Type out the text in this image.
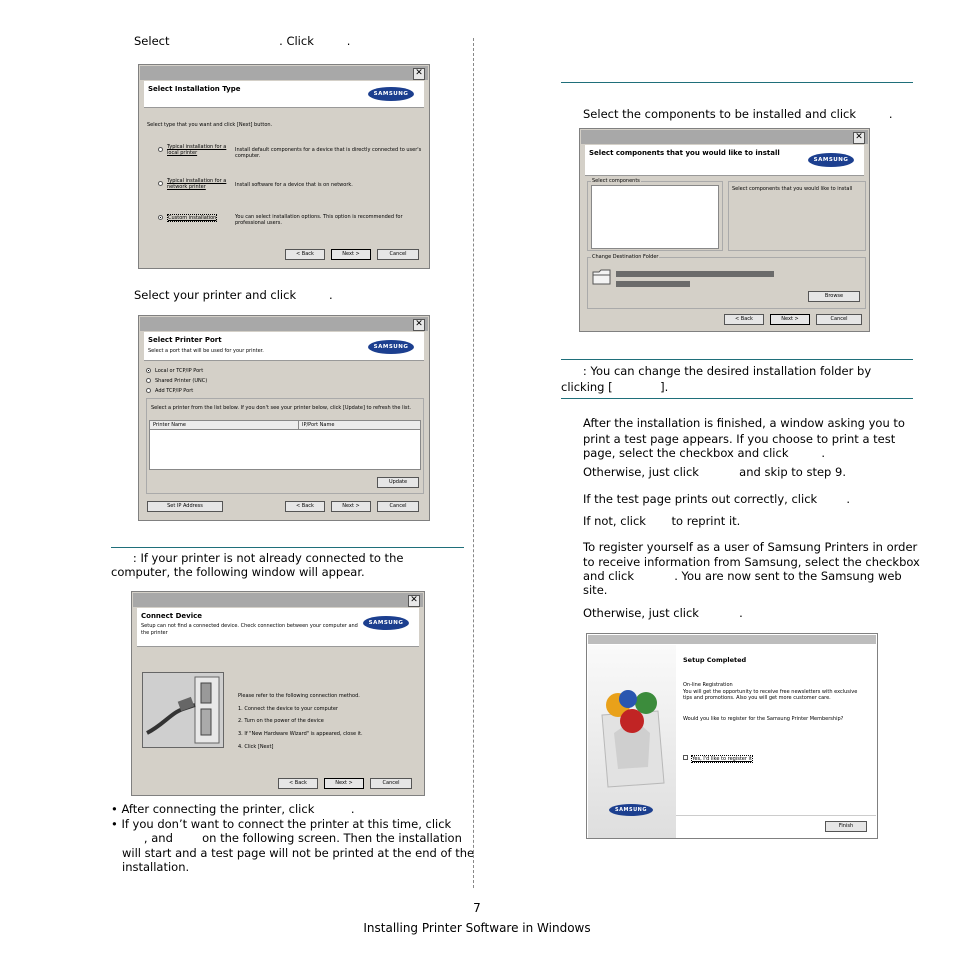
Select                              . Click         .
✕
Select Installation Type
SAMSUNG
Select type that you want and click [Next] button.
Typical installation for a local printer	Install default components for a device that is directly connected to user's computer.
Typical installation for a network printer	Install software for a device that is on network.
Custom installation	You can select installation options. This option is recommended for professional users.
< Back	Next >	Cancel
Select your printer and click         .
✕
Select Printer Port
Select a port that will be used for your printer.
SAMSUNG
Local or TCP/IP Port
Shared Printer (UNC)
Add TCP/IP Port
Select a printer from the list below. If you don't see your printer below, click [Update] to refresh the list.
Printer Name	IP/Port Name
Update
Set IP Address	< Back	Next >	Cancel
: If your printer is not already connected to the
computer, the following window will appear.
✕
Connect Device
Setup can not find a connected device. Check connection between your computer and the printer
SAMSUNG
Please refer to the following connection method.
1. Connect the device to your computer
2. Turn on the power of the device
3. If "New Hardware Wizard" is appeared, close it.
4. Click [Next]
< Back	Next >	Cancel
• After connecting the printer, click          .
• If you don’t want to connect the printer at this time, click
, and        on the following screen. Then the installation
will start and a test page will not be printed at the end of the
installation.
Select the components to be installed and click         .
✕
Select components that you would like to install
SAMSUNG
Select components
Select components that you would like to install
Change Destination Folder
Browse
< Back	Next >	Cancel
: You can change the desired installation folder by
clicking [             ].
After the installation is finished, a window asking you to
print a test page appears. If you choose to print a test
page, select the checkbox and click         .
Otherwise, just click           and skip to step 9.
If the test page prints out correctly, click        .
If not, click       to reprint it.
To register yourself as a user of Samsung Printers in order
to receive information from Samsung, select the checkbox
and click           . You are now sent to the Samsung web
site.
Otherwise, just click           .
SAMSUNG
Setup Completed
On-line Registration
You will get the opportunity to receive free newsletters with exclusive tips and promotions. Also you will get more customer care.
Would you like to register for the Samsung Printer Membership?
Yes, I'd like to register it
Finish
7
Installing Printer Software in Windows
